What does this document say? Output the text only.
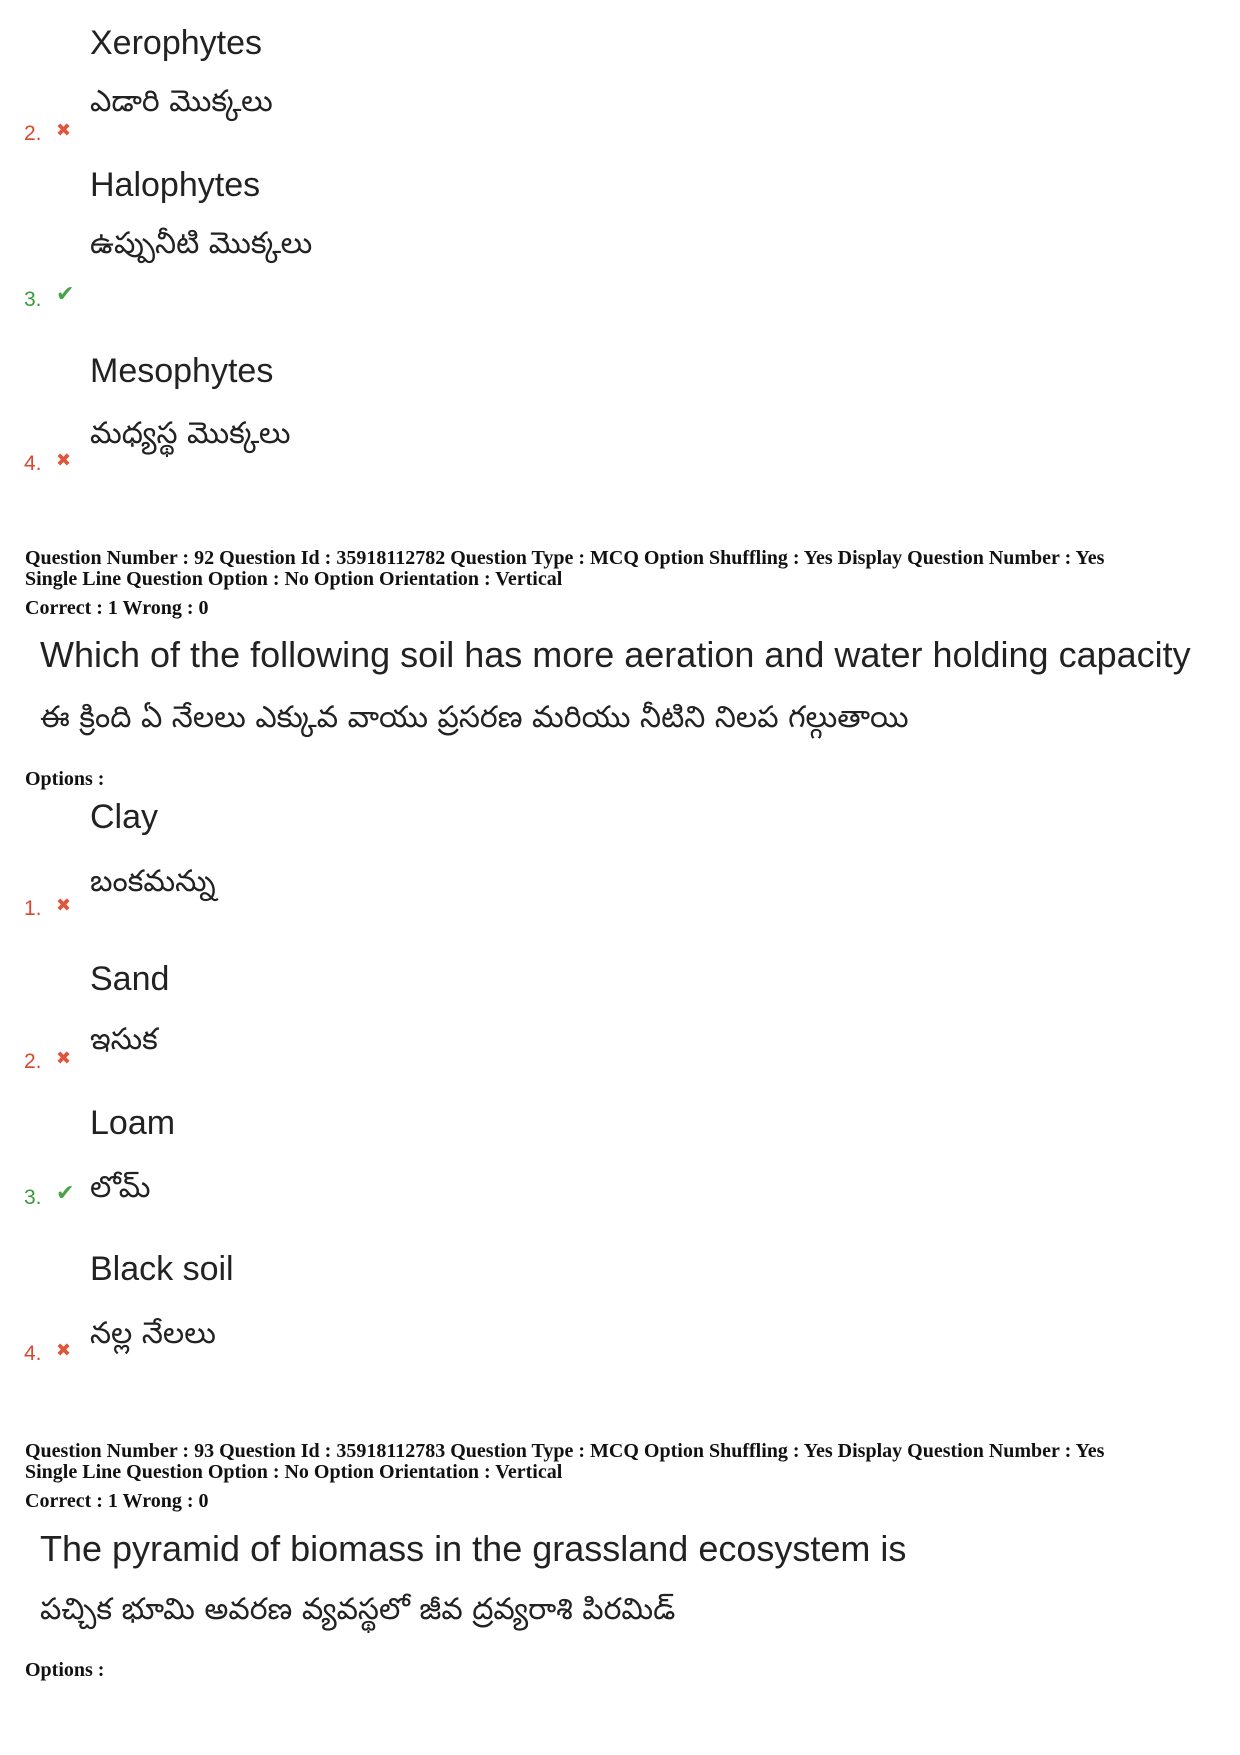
Xerophytes
ఎడారి మొక్కలు
2. ✖
Halophytes
ఉప్పునీటి మొక్కలు
3. ✔
Mesophytes
మధ్యస్థ మొక్కలు
4. ✖
Question Number : 92 Question Id : 35918112782 Question Type : MCQ Option Shuffling : Yes Display Question Number : Yes
Single Line Question Option : No Option Orientation : Vertical
Correct : 1 Wrong : 0
Which of the following soil has more aeration and water holding capacity
ఈ క్రింది ఏ నేలలు ఎక్కువ వాయు ప్రసరణ మరియు నీటిని నిలప గల్గుతాయి
Options :
Clay
బంకమన్ను
1. ✖
Sand
ఇసుక
2. ✖
Loam
లోమ్
3. ✔
Black soil
నల్ల నేలలు
4. ✖
Question Number : 93 Question Id : 35918112783 Question Type : MCQ Option Shuffling : Yes Display Question Number : Yes
Single Line Question Option : No Option Orientation : Vertical
Correct : 1 Wrong : 0
The pyramid of biomass in the grassland ecosystem is
పచ్చిక భూమి అవరణ వ్యవస్థలో జీవ ద్రవ్యరాశి పిరమిడ్
Options :
